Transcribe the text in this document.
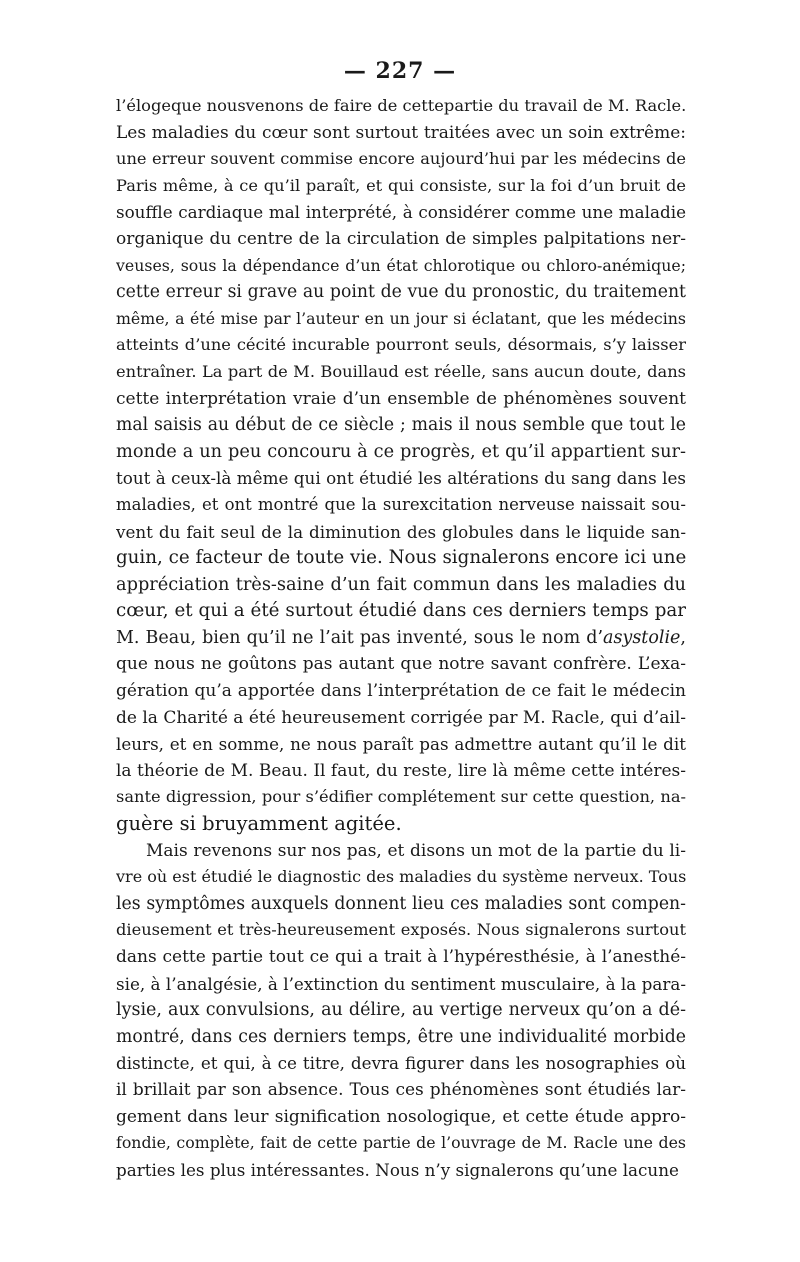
— 227 —
l’élogeque nousvenons de faire de cettepartie du travail de M. Racle.
Les maladies du cœur sont surtout traitées avec un soin extrême:
une erreur souvent commise encore aujourd’hui par les médecins de
Paris même, à ce qu’il paraît, et qui consiste, sur la foi d’un bruit de
souffle cardiaque mal interprété, à considérer comme une maladie
organique du centre de la circulation de simples palpitations ner-
veuses, sous la dépendance d’un état chlorotique ou chloro-anémique;
cette erreur si grave au point de vue du pronostic, du traitement
même, a été mise par l’auteur en un jour si éclatant, que les médecins
atteints d’une cécité incurable pourront seuls, désormais, s’y laisser
entraîner. La part de M. Bouillaud est réelle, sans aucun doute, dans
cette interprétation vraie d’un ensemble de phénomènes souvent
mal saisis au début de ce siècle ; mais il nous semble que tout le
monde a un peu concouru à ce progrès, et qu’il appartient sur-
tout à ceux-là même qui ont étudié les altérations du sang dans les
maladies, et ont montré que la surexcitation nerveuse naissait sou-
vent du fait seul de la diminution des globules dans le liquide san-
guin, ce facteur de toute vie. Nous signalerons encore ici une
appréciation très-saine d’un fait commun dans les maladies du
cœur, et qui a été surtout étudié dans ces derniers temps par
M. Beau, bien qu’il ne l’ait pas inventé, sous le nom d’asystolie,
que nous ne goûtons pas autant que notre savant confrère. L’exa-
gération qu’a apportée dans l’interprétation de ce fait le médecin
de la Charité a été heureusement corrigée par M. Racle, qui d’ail-
leurs, et en somme, ne nous paraît pas admettre autant qu’il le dit
la théorie de M. Beau. Il faut, du reste, lire là même cette intéres-
sante digression, pour s’édifier complétement sur cette question, na-
guère si bruyamment agitée.
Mais revenons sur nos pas, et disons un mot de la partie du li-
vre où est étudié le diagnostic des maladies du système nerveux. Tous
les symptômes auxquels donnent lieu ces maladies sont compen-
dieusement et très-heureusement exposés. Nous signalerons surtout
dans cette partie tout ce qui a trait à l’hypéresthésie, à l’anesthé-
sie, à l’analgésie, à l’extinction du sentiment musculaire, à la para-
lysie, aux convulsions, au délire, au vertige nerveux qu’on a dé-
montré, dans ces derniers temps, être une individualité morbide
distincte, et qui, à ce titre, devra figurer dans les nosographies où
il brillait par son absence. Tous ces phénomènes sont étudiés lar-
gement dans leur signification nosologique, et cette étude appro-
fondie, complète, fait de cette partie de l’ouvrage de M. Racle une des
parties les plus intéressantes. Nous n’y signalerons qu’une lacune
